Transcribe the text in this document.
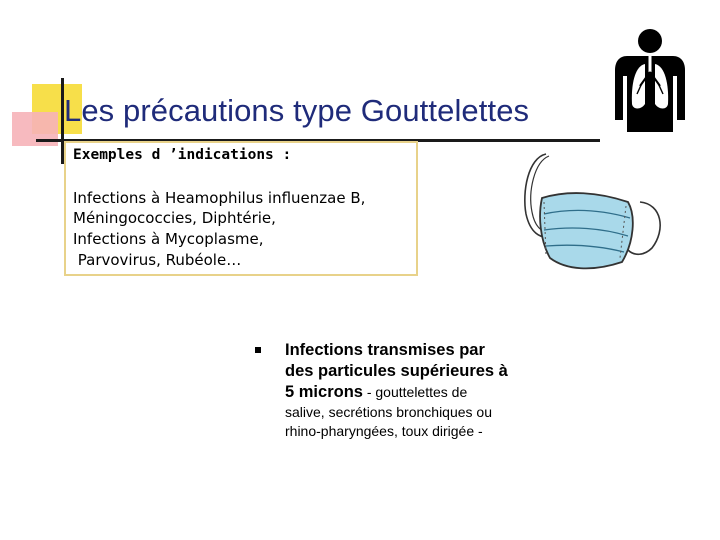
Les précautions type Gouttelettes
Exemples d ’indications :
Infections à Heamophilus influenzae B,
Méningococcies, Diphtérie,
Infections à Mycoplasme,
Parvovirus, Rubéole…
Infections transmises par
des particules supérieures à
5 microns - gouttelettes de
salive, secrétions bronchiques ou
rhino-pharyngées, toux dirigée -
